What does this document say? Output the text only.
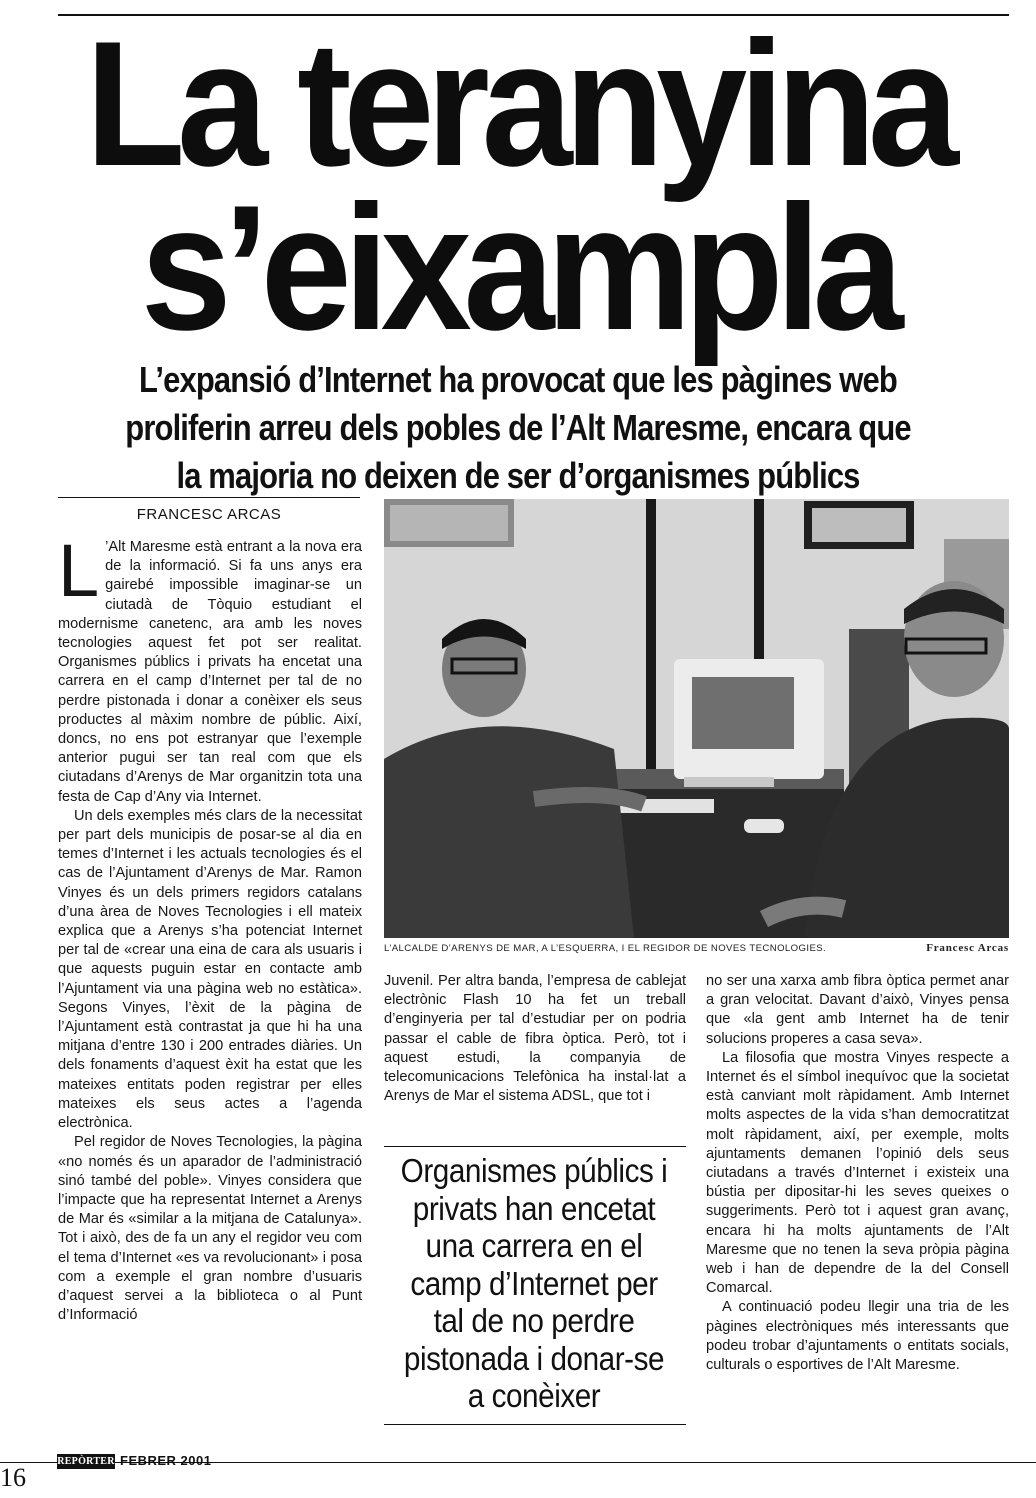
La teranyina
s’eixampla
L’expansió d’Internet ha provocat que les pàgines web proliferin arreu dels pobles de l’Alt Maresme, encara que la majoria no deixen de ser d’organismes públics
FRANCESC ARCAS

L ’Alt Maresme està entrant a la nova era de la informació. Si fa uns anys era gairebé impossible imaginar-se un ciutadà de Tòquio estudiant el modernisme canetenc, ara amb les noves tecnologies aquest fet pot ser realitat. Organismes públics i privats ha encetat una carrera en el camp d’Internet per tal de no perdre pistonada i donar a conèixer els seus productes al màxim nombre de públic. Així, doncs, no ens pot estranyar que l’exemple anterior pugui ser tan real com que els ciutadans d’Arenys de Mar organitzin tota una festa de Cap d’Any via Internet.

Un dels exemples més clars de la necessitat per part dels municipis de posar-se al dia en temes d’Internet i les actuals tecnologies és el cas de l’Ajuntament d’Arenys de Mar. Ramon Vinyes és un dels primers regidors catalans d’una àrea de Noves Tecnologies i ell mateix explica que a Arenys s’ha potenciat Internet per tal de «crear una eina de cara als usuaris i que aquests puguin estar en contacte amb l’Ajuntament via una pàgina web no estàtica». Segons Vinyes, l’èxit de la pàgina de l’Ajuntament està contrastat ja que hi ha una mitjana d’entre 130 i 200 entrades diàries. Un dels fonaments d’aquest èxit ha estat que les mateixes entitats poden registrar per elles mateixes els seus actes a l’agenda electrònica.

Pel regidor de Noves Tecnologies, la pàgina «no només és un aparador de l’administració sinó també del poble». Vinyes considera que l’impacte que ha representat Internet a Arenys de Mar és «similar a la mitjana de Catalunya». Tot i això, des de fa un any el regidor veu com el tema d’Internet «es va revolucionant» i posa com a exemple el gran nombre d’usuaris d’aquest servei a la biblioteca o al Punt d’Informació

L’ALCALDE D’ARENYS DE MAR, A L’ESQUERRA, I EL REGIDOR DE NOVES TECNOLOGIES.	Francesc Arcas

Juvenil. Per altra banda, l’empresa de cablejat electrònic Flash 10 ha fet un treball d’enginyeria per tal d’estudiar per on podria passar el cable de fibra òptica. Però, tot i aquest estudi, la companyia de telecomunicacions Telefònica ha instal·lat a Arenys de Mar el sistema ADSL, que tot i

Organismes públics i privats han encetat una carrera en el camp d’Internet per tal de no perdre pistonada i donar-se a conèixer

no ser una xarxa amb fibra òptica permet anar a gran velocitat. Davant d’això, Vinyes pensa que «la gent amb Internet ha de tenir solucions properes a casa seva».

La filosofia que mostra Vinyes respecte a Internet és el símbol inequívoc que la societat està canviant molt ràpidament. Amb Internet molts aspectes de la vida s’han democratitzat molt ràpidament, així, per exemple, molts ajuntaments demanen l’opinió dels seus ciutadans a través d’Internet i existeix una bústia per dipositar-hi les seves queixes o suggeriments. Però tot i aquest gran avanç, encara hi ha molts ajuntaments de l’Alt Maresme que no tenen la seva pròpia pàgina web i han de dependre de la del Consell Comarcal.

A continuació podeu llegir una tria de les pàgines electròniques més interessants que podeu trobar d’ajuntaments o entitats socials, culturals o esportives de l’Alt Maresme.

REPÒRTER FEBRER 2001
16
